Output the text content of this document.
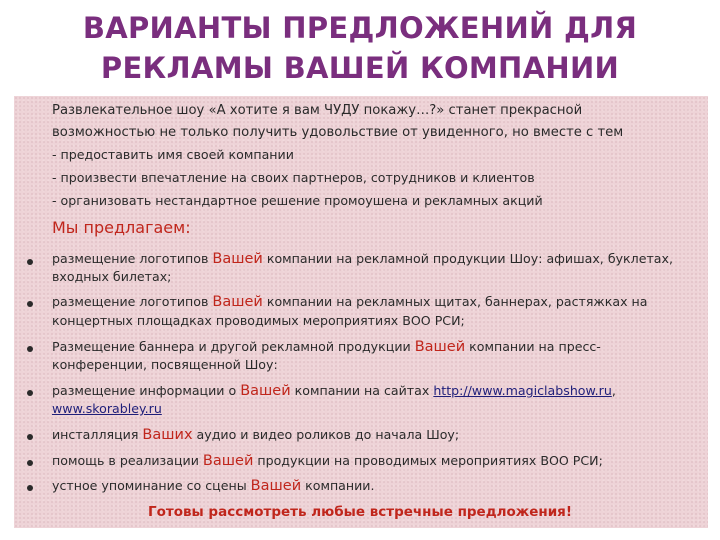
ВАРИАНТЫ ПРЕДЛОЖЕНИЙ ДЛЯ
РЕКЛАМЫ ВАШЕЙ КОМПАНИИ
Развлекательное шоу «А хотите я вам ЧУДУ покажу…?» станет прекрасной
возможностью не только получить удовольствие от увиденного, но вместе с тем
- предоставить имя своей компании
- произвести впечатление на своих партнеров, сотрудников и клиентов
- организовать нестандартное решение промоушена и рекламных акций
Мы предлагаем:
размещение логотипов Вашей компании на рекламной продукции Шоу: афишах, буклетах,
входных билетах;
размещение логотипов Вашей компании на рекламных щитах, баннерах, растяжках на
концертных площадках проводимых мероприятиях ВОО РСИ;
Размещение баннера и другой рекламной продукции Вашей компании на пресс-
конференции, посвященной Шоу:
размещение информации о Вашей компании на сайтах http://www.magiclabshow.ru,
www.skorabley.ru
инсталляция Ваших аудио и видео роликов до начала Шоу;
помощь в реализации Вашей продукции на проводимых мероприятиях ВОО РСИ;
устное упоминание со сцены Вашей компании.
Готовы рассмотреть любые встречные предложения!
